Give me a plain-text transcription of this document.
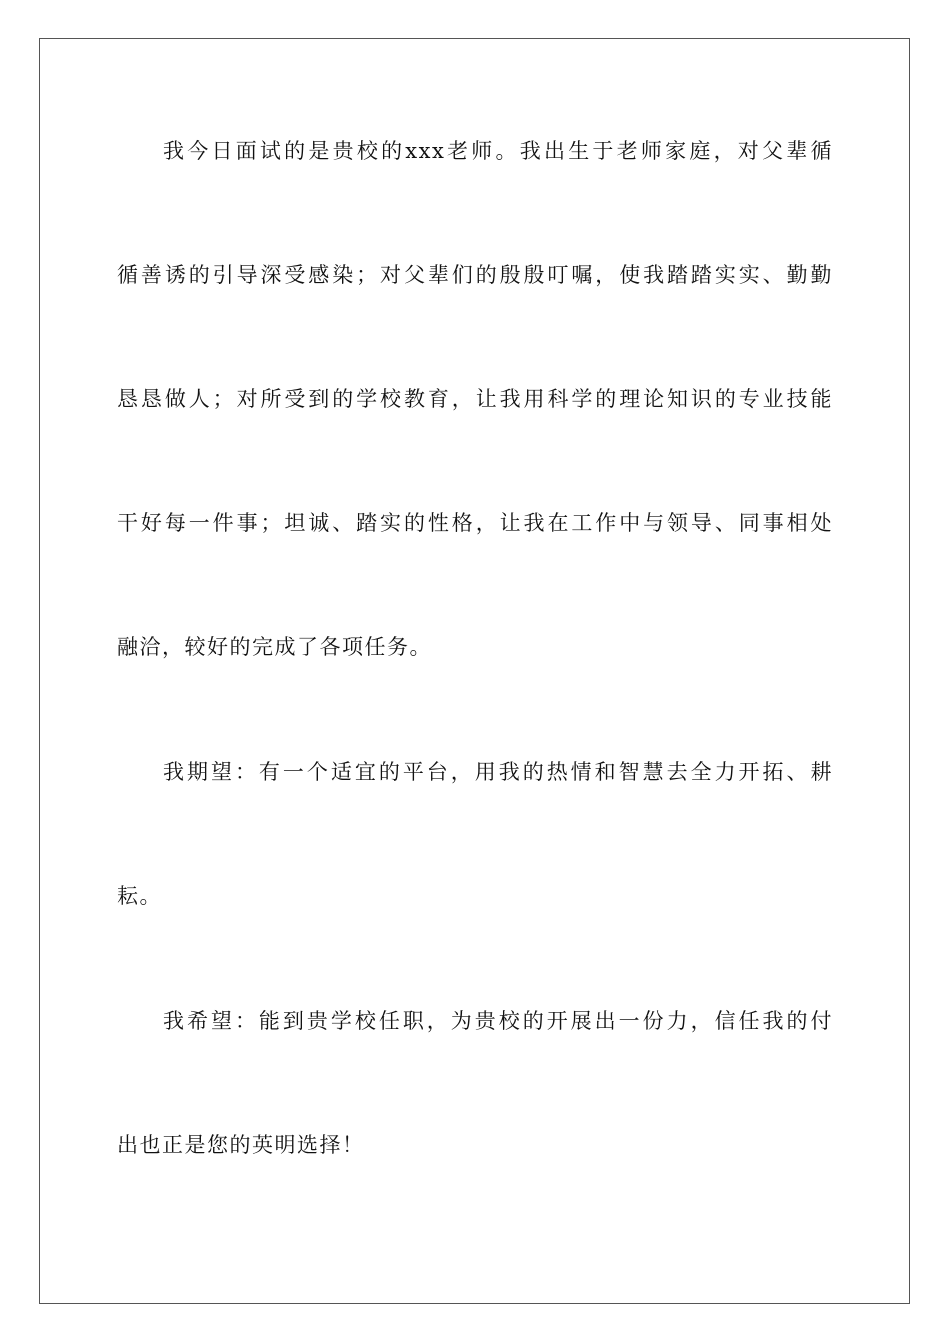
我今日面试的是贵校的xxx老师。我出生于老师家庭，对父辈循
循善诱的引导深受感染；对父辈们的殷殷叮嘱，使我踏踏实实、勤勤
恳恳做人；对所受到的学校教育，让我用科学的理论知识的专业技能
干好每一件事；坦诚、踏实的性格，让我在工作中与领导、同事相处
融洽，较好的完成了各项任务。
我期望：有一个适宜的平台，用我的热情和智慧去全力开拓、耕
耘。
我希望：能到贵学校任职，为贵校的开展出一份力，信任我的付
出也正是您的英明选择！
